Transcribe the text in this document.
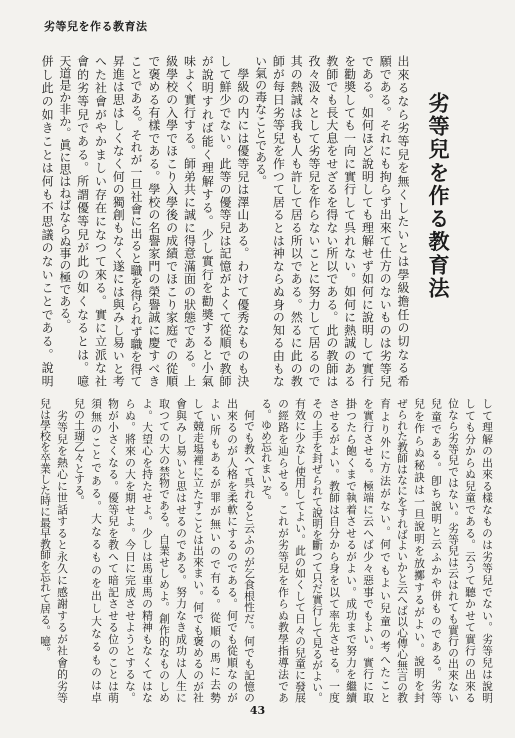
劣等兒を作る教育法
劣等兒を作る教育法
出來るなら劣等兒を無くしたいとは學級擔任の切なる希
願である。それにも拘らず出來て仕方のないものは劣等兒
である。如何ほど說明しても理解せず如何に說明して實行
を勸奬しても一向に實行して呉れない。如何に熱誠のある
教師でも長大息をせざるを得ない所以である。此の教師は
孜々汲々として劣等兒を作らないことに努力して居るので
其の熱誠は我も人も許して居る所以である。然るに此の教
師が每日劣等兒を作つて居るとは神ならぬ身の知る由もな
い氣の毒なことである。
　學級の内には優等兒は澤山ある。わけて優秀なものも決
して鮮少でない。此等の優等兒は記憶がよくて從順で教師
が說明すれば能く理解する。少し實行を勸奬すると小氣
味よく實行する。師弟共に誠に得意滿面の狀態である。上
級學校の入學でほこり入學後の成績でほこり家庭での從順
で褒める有樣である。學校の名譽家門の榮譽誠に慶すべき
ことである。それが一旦社會に出ると職を得られず職を得て
昇進は思はしくなく何の獨創もなく遂には與みし易いと考
へた社會がやかましい存在になつて來る。實に立派な社
會的劣等兒である。所謂優等兒が此の如くなるとは。噫
天道是か非か。眞に思はねばならぬ事の極である。
併し此の如きことは何も不思議のないことである。說明
して理解の出來る樣なものは劣等兒でない。劣等兒は說明
しても分からぬ兒童である。云うて聽かせて實行の出來る
位なら劣等兒ではない。劣等兒は云はれても實行の出來ない
兒童である。卽ち說明と云ふかや併ものである。劣等
兒を作らぬ秘訣は一旦說明を放擲するがよい。說明を封
ぜられた教師はなにをすればよいかと云へば以心傳心無言の教
育より外に方法がない。何でもよい兒童の考へたこと
を實行させる。極端に云へば少々惡事でもよい。實行に取
掛つたら飽くまで執着させるがよい。成功まで努力を繼續
させるがよい。教師は自分から身を以て率先させる。一度
その上手を封ぜられて說明を斷つて只だ實行して見るがよい。
有效に少なし使用してよい。此の如くして日々の兒童に發展
の經路を辿らせる。これが劣等兒を作らぬ教學指導法であ
る。ゆめ忘れまいぞ。
　何でも教へて呉れると云ふのが乞食根性だ。何でも記憶の
出來るのが人格を柔軟にするのである。何でも從順なのが
よい所もあるが罪が無いので有る。從順の馬に去勢
して競走場裡に立たすことは出來まい。何でも褒めるのが社
會與みし易いと思はせるのである。努力なき成功は人生に
取つての大の禁物である。自業せしめよ。創作的なものしめ
よ。大望心を持たせよ。少しは馬車馬の精神もなくてはな
らぬ。將來の大を期せよ。今日に完成させようとするな。
物が小さくなる。優等兒を教へて暗記させる位のことは萌
須無のことである。大なるものを出し大なるものは卓
兒の土瑚乙々とする。
　劣等兒を熱心に世話すると永久に感謝するが社會的劣等
兒は學校を卒業した時に最早教師を忘れて居る。噫。
43
